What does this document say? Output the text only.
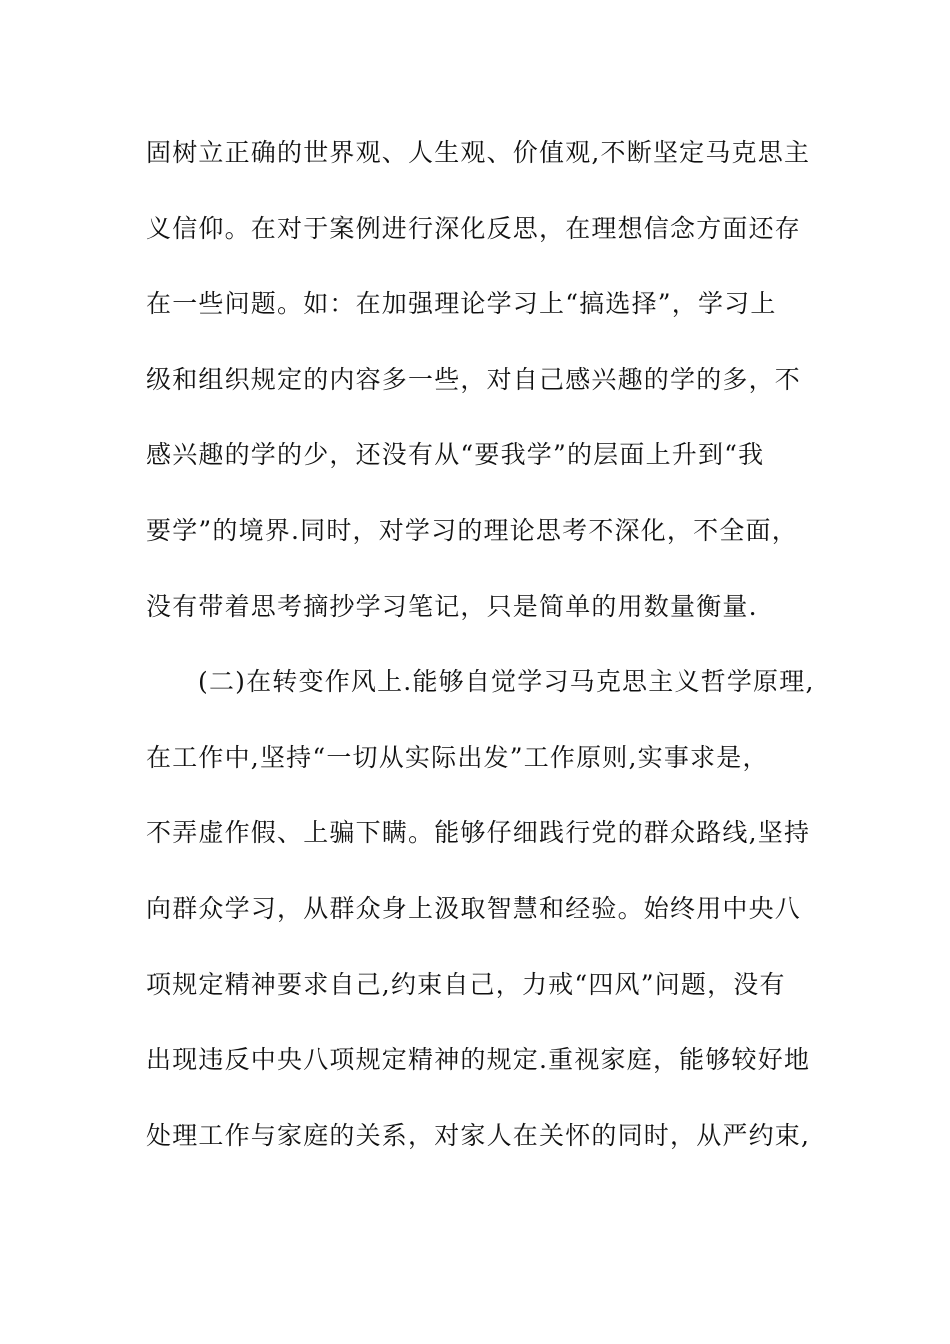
固树立正确的世界观、人生观、价值观,不断坚定马克思主
义信仰。在对于案例进行深化反思，在理想信念方面还存
在一些问题。如：在加强理论学习上“搞选择”，学习上
级和组织规定的内容多一些，对自己感兴趣的学的多，不
感兴趣的学的少，还没有从“要我学”的层面上升到“我
要学”的境界.同时，对学习的理论思考不深化，不全面，
没有带着思考摘抄学习笔记，只是简单的用数量衡量.
(二)在转变作风上.能够自觉学习马克思主义哲学原理,
在工作中,坚持“一切从实际出发”工作原则,实事求是，
不弄虚作假、上骗下瞒。能够仔细践行党的群众路线,坚持
向群众学习，从群众身上汲取智慧和经验。始终用中央八
项规定精神要求自己,约束自己，力戒“四风”问题，没有
出现违反中央八项规定精神的规定.重视家庭，能够较好地
处理工作与家庭的关系，对家人在关怀的同时，从严约束,
